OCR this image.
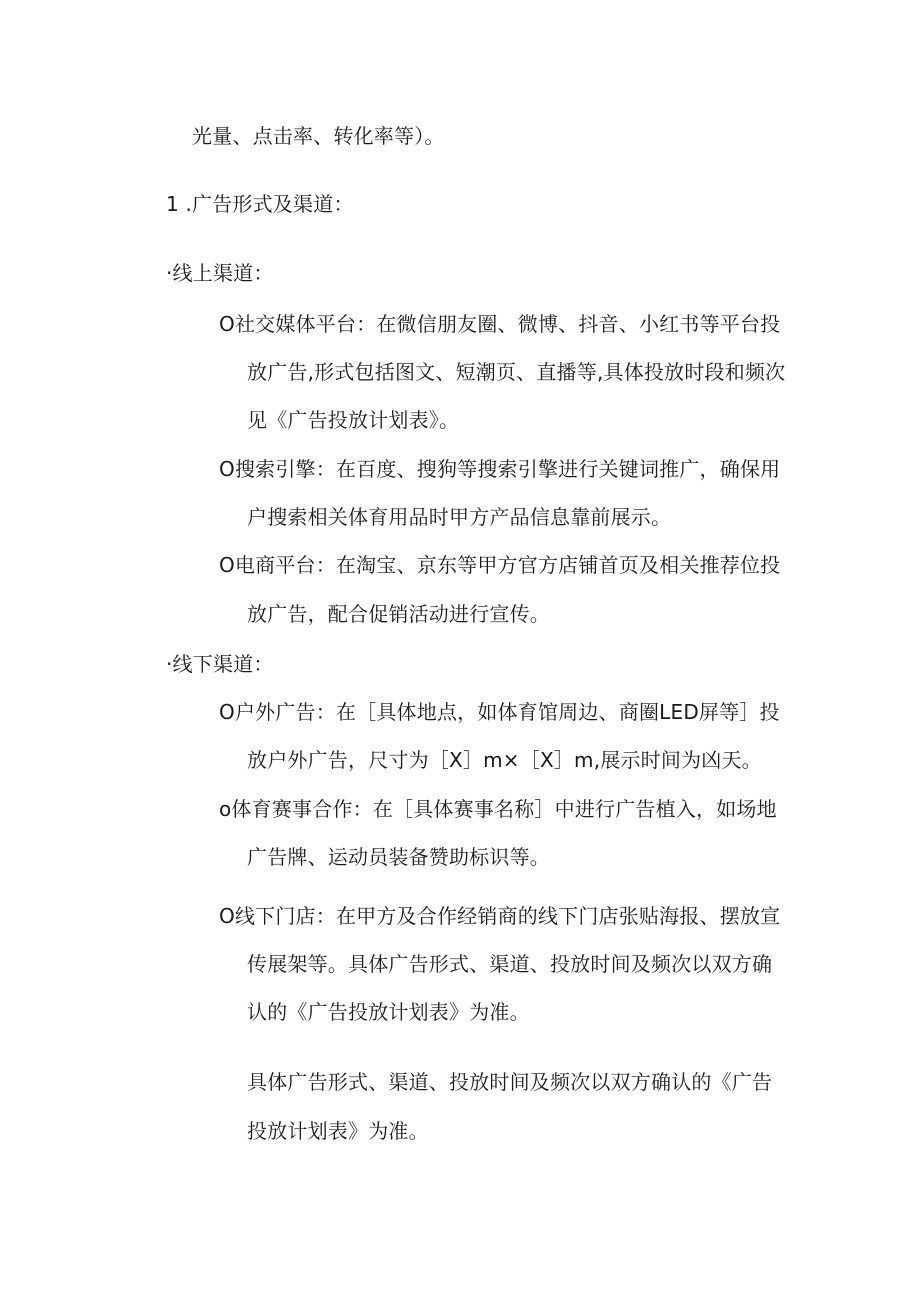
光量、点击率、转化率等）。
1 .广告形式及渠道：
·线上渠道：
O社交媒体平台：在微信朋友圈、微博、抖音、小红书等平台投
放广告,形式包括图文、短潮页、直播等,具体投放时段和频次
见《广告投放计划表》。
O搜索引擎：在百度、搜狗等搜索引擎进行关键词推广，确保用
户搜索相关体育用品时甲方产品信息靠前展示。
O电商平台：在淘宝、京东等甲方官方店铺首页及相关推荐位投
放广告，配合促销活动进行宣传。
·线下渠道：
O户外广告：在［具体地点，如体育馆周边、商圈LED屏等］投
放户外广告，尺寸为［X］m×［X］m,展示时间为凶天。
o体育赛事合作：在［具体赛事名称］中进行广告植入，如场地
广告牌、运动员装备赞助标识等。
O线下门店：在甲方及合作经销商的线下门店张贴海报、摆放宣
传展架等。具体广告形式、渠道、投放时间及频次以双方确
认的《广告投放计划表》为准。
具体广告形式、渠道、投放时间及频次以双方确认的《广告
投放计划表》为准。
